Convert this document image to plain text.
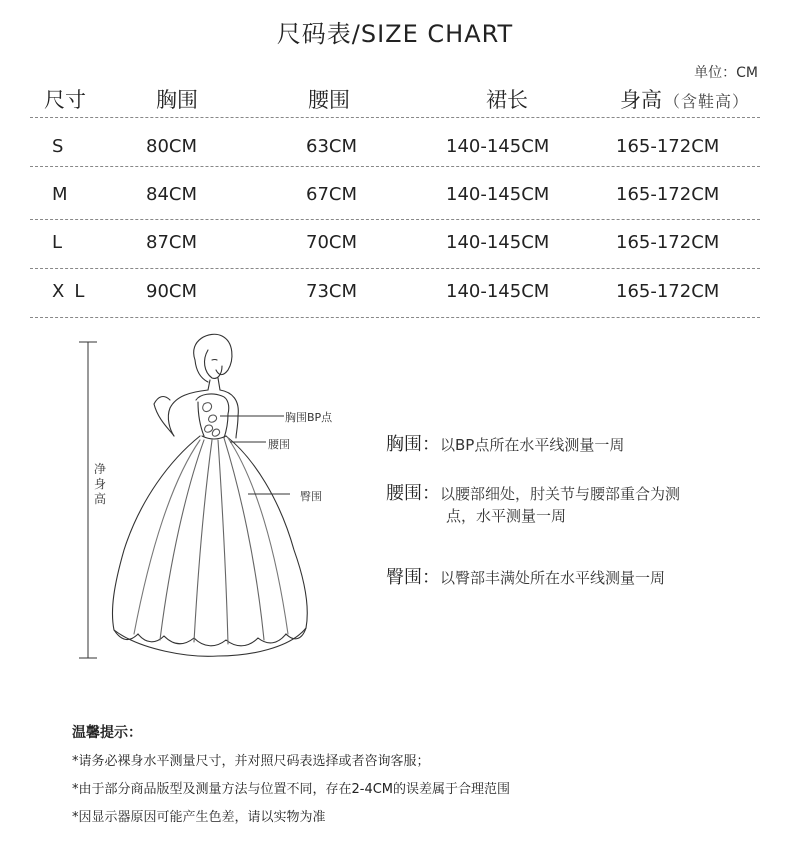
尺码表/SIZE CHART
单位：CM
尺寸	胸围	腰围	裙长	身高 （含鞋高）
S	80CM	63CM	140-145CM	165-172CM
M	84CM	67CM	140-145CM	165-172CM
L	87CM	70CM	140-145CM	165-172CM
XL	90CM	73CM	140-145CM	165-172CM
净身高
胸围BP点
腰围
臀围
胸围：以BP点所在水平线测量一周
腰围：以腰部细处，肘关节与腰部重合为测
点，水平测量一周
臀围：以臀部丰满处所在水平线测量一周
温馨提示：
*请务必裸身水平测量尺寸，并对照尺码表选择或者咨询客服；
*由于部分商品版型及测量方法与位置不同，存在2-4CM的误差属于合理范围
*因显示器原因可能产生色差，请以实物为准
